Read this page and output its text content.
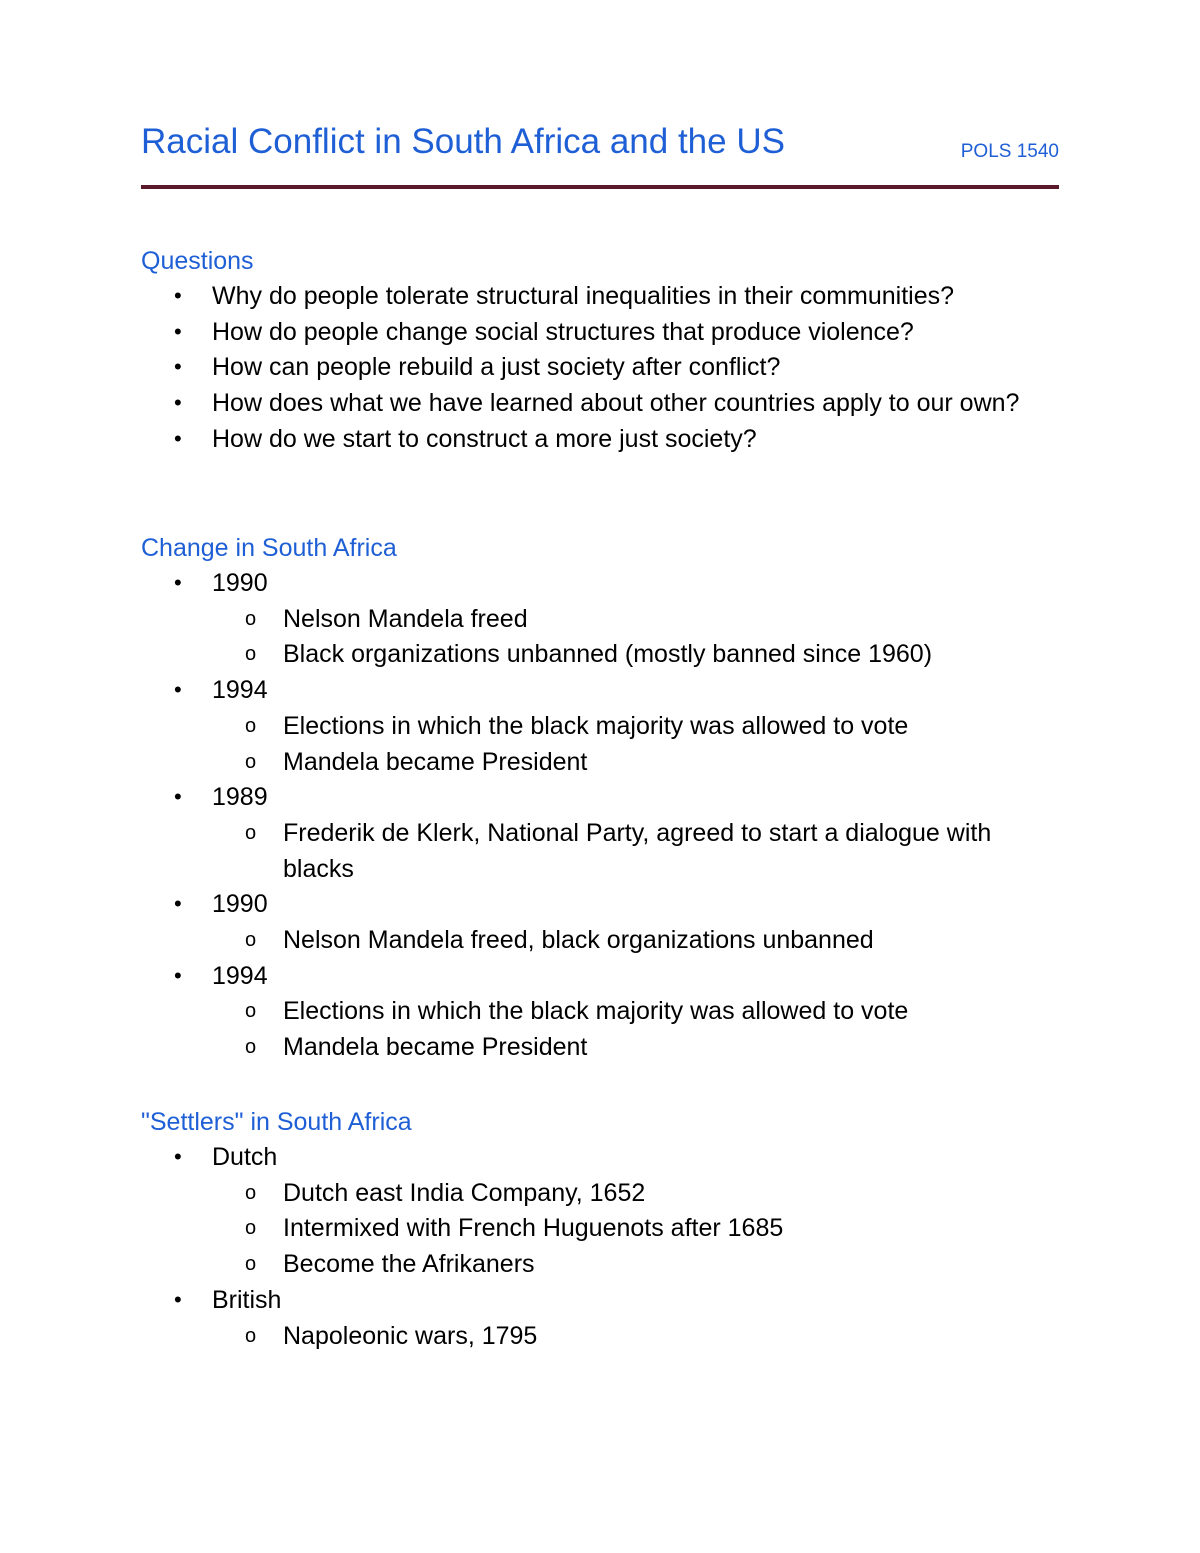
Racial Conflict in South Africa and the US	POLS 1540
Questions
• Why do people tolerate structural inequalities in their communities?
• How do people change social structures that produce violence?
• How can people rebuild a just society after conflict?
• How does what we have learned about other countries apply to our own?
• How do we start to construct a more just society?
Change in South Africa
• 1990
o Nelson Mandela freed
o Black organizations unbanned (mostly banned since 1960)
• 1994
o Elections in which the black majority was allowed to vote
o Mandela became President
• 1989
o Frederik de Klerk, National Party, agreed to start a dialogue with blacks
• 1990
o Nelson Mandela freed, black organizations unbanned
• 1994
o Elections in which the black majority was allowed to vote
o Mandela became President
"Settlers" in South Africa
• Dutch
o Dutch east India Company, 1652
o Intermixed with French Huguenots after 1685
o Become the Afrikaners
• British
o Napoleonic wars, 1795
